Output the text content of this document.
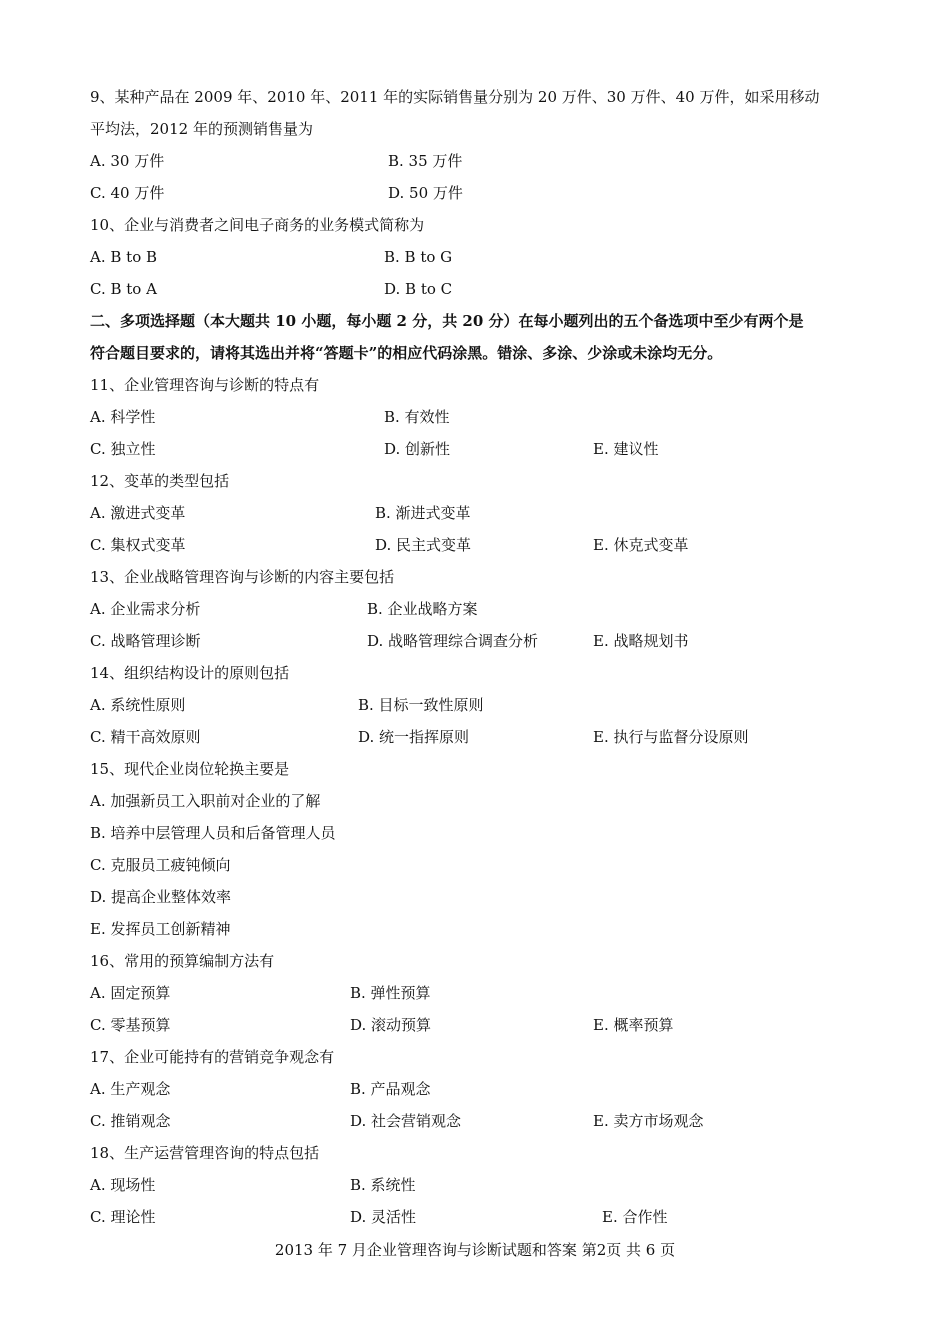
9、某种产品在 2009 年、2010 年、2011 年的实际销售量分别为 20 万件、30 万件、40 万件，如采用移动
平均法，2012 年的预测销售量为
A. 30 万件	B. 35 万件
C. 40 万件	D. 50 万件
10、企业与消费者之间电子商务的业务模式简称为
A. B to B	B. B to G
C. B to A	D. B to C
二、多项选择题（本大题共 10 小题，每小题 2 分，共 20 分）在每小题列出的五个备选项中至少有两个是
符合题目要求的，请将其选出并将“答题卡”的相应代码涂黑。错涂、多涂、少涂或未涂均无分。
11、企业管理咨询与诊断的特点有
A. 科学性	B. 有效性
C. 独立性	D. 创新性	E. 建议性
12、变革的类型包括
A. 激进式变革	B. 渐进式变革
C. 集权式变革	D. 民主式变革	E. 休克式变革
13、企业战略管理咨询与诊断的内容主要包括
A. 企业需求分析	B. 企业战略方案
C. 战略管理诊断	D. 战略管理综合调查分析	E. 战略规划书
14、组织结构设计的原则包括
A. 系统性原则	B. 目标一致性原则
C. 精干高效原则	D. 统一指挥原则	E. 执行与监督分设原则
15、现代企业岗位轮换主要是
A. 加强新员工入职前对企业的了解
B. 培养中层管理人员和后备管理人员
C. 克服员工疲钝倾向
D. 提高企业整体效率
E. 发挥员工创新精神
16、常用的预算编制方法有
A. 固定预算	B. 弹性预算
C. 零基预算	D. 滚动预算	E. 概率预算
17、企业可能持有的营销竞争观念有
A. 生产观念	B. 产品观念
C. 推销观念	D. 社会营销观念	E. 卖方市场观念
18、生产运营管理咨询的特点包括
A. 现场性	B. 系统性
C. 理论性	D. 灵活性	E. 合作性
2013 年 7 月企业管理咨询与诊断试题和答案 第2页 共 6 页
